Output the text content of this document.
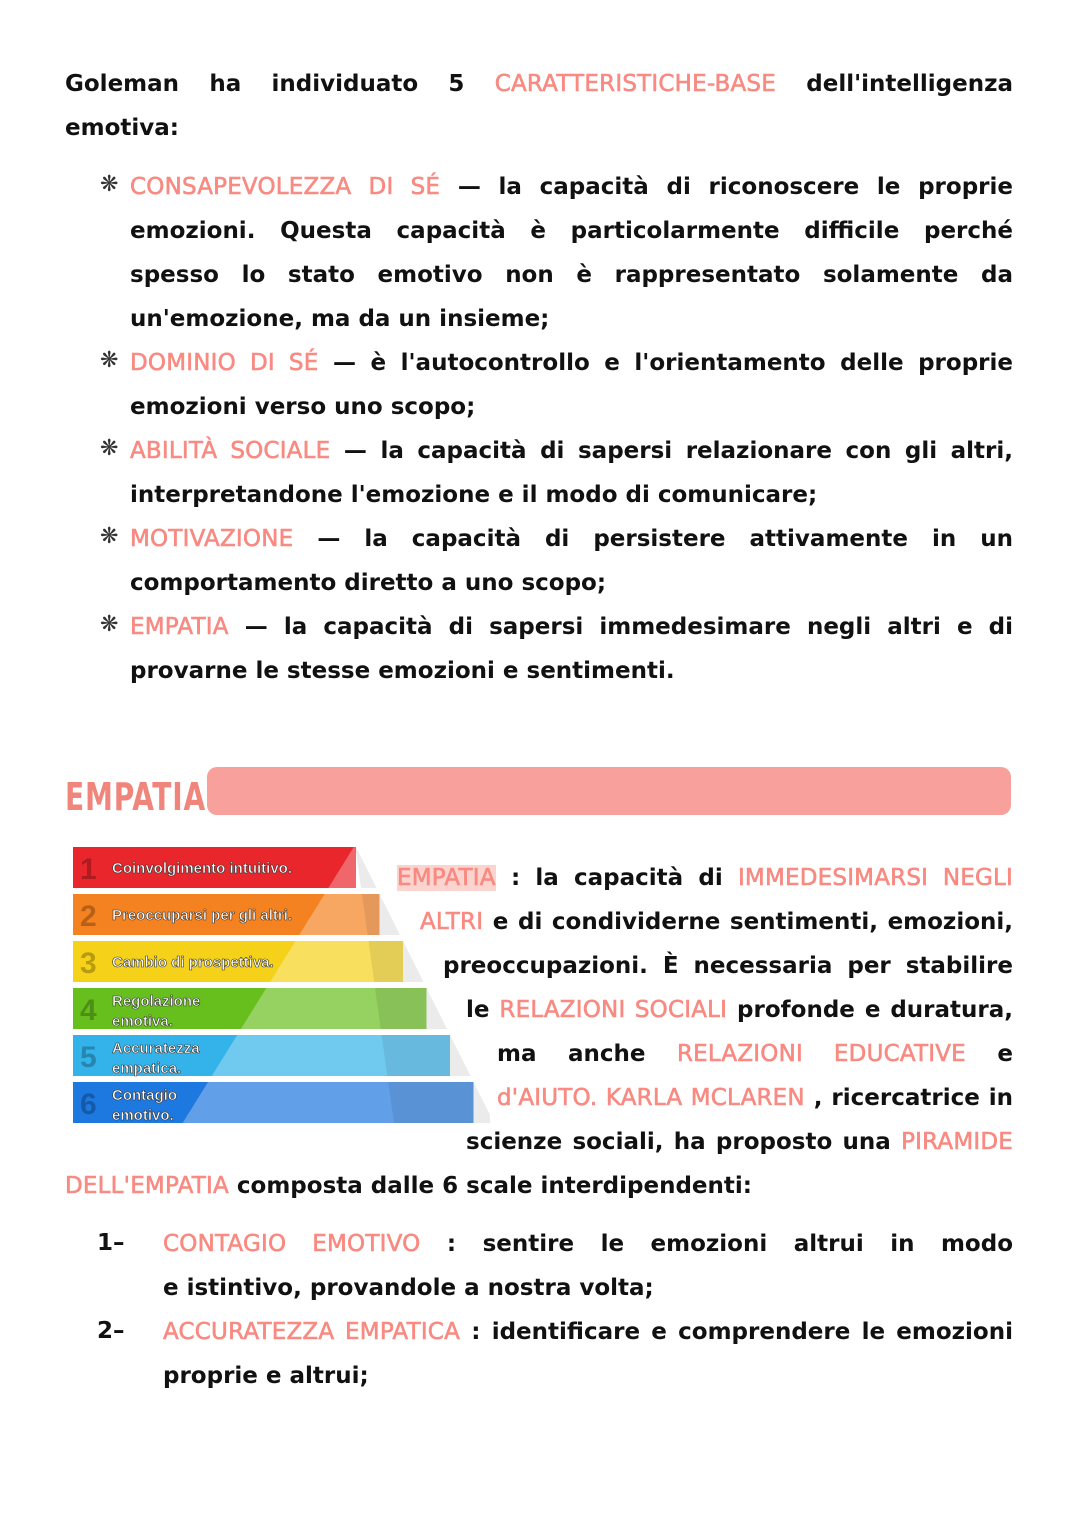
Goleman ha individuato 5 CARATTERISTICHE-BASE dell'intelligenza
emotiva:
❋ CONSAPEVOLEZZA DI SÉ — la capacità di riconoscere le proprie
emozioni. Questa capacità è particolarmente difficile perché
spesso lo stato emotivo non è rappresentato solamente da
un'emozione, ma da un insieme;
❋ DOMINIO DI SÉ — è l'autocontrollo e l'orientamento delle proprie
emozioni verso uno scopo;
❋ ABILITÀ SOCIALE — la capacità di sapersi relazionare con gli altri,
interpretandone l'emozione e il modo di comunicare;
❋ MOTIVAZIONE — la capacità di persistere attivamente in un
comportamento diretto a uno scopo;
❋ EMPATIA — la capacità di sapersi immedesimare negli altri e di
provarne le stesse emozioni e sentimenti.
EMPATIA
1 Coinvolgimento intuitivo.
2 Preoccuparsi per gli altri.
3 Cambio di prospettiva.
4 Regolazione emotiva.
5 Accuratezza empatica.
6 Contagio emotivo.
EMPATIA : la capacità di IMMEDESIMARSI NEGLI
ALTRI e di condividerne sentimenti, emozioni,
preoccupazioni. È necessaria per stabilire
le RELAZIONI SOCIALI profonde e duratura,
ma anche RELAZIONI EDUCATIVE e
d'AIUTO. KARLA MCLAREN , ricercatrice in
scienze sociali, ha proposto una PIRAMIDE
DELL'EMPATIA composta dalle 6 scale interdipendenti:
1– CONTAGIO EMOTIVO : sentire le emozioni altrui in modo
e istintivo, provandole a nostra volta;
2– ACCURATEZZA EMPATICA : identificare e comprendere le emozioni
proprie e altrui;
